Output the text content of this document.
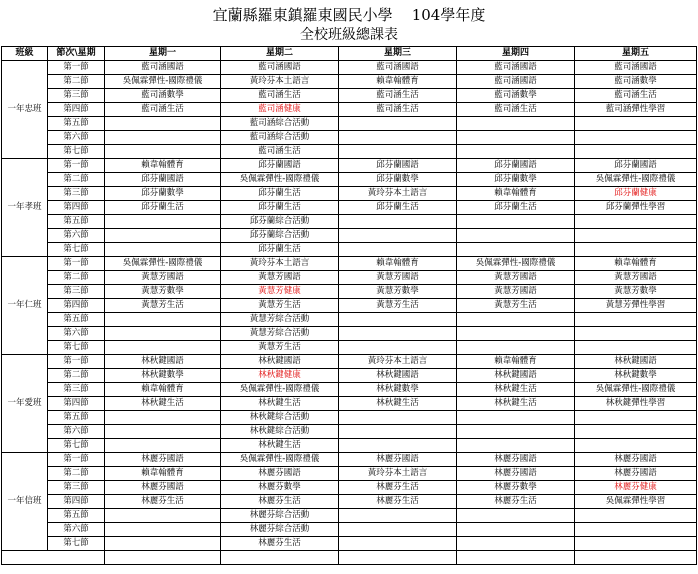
宜蘭縣羅東鎮羅東國民小學    104學年度
全校班級總課表
班級	節次\星期	星期一	星期二	星期三	星期四	星期五
一年忠班	第一節	藍司涵國語	藍司涵國語	藍司涵國語	藍司涵國語	藍司涵國語
	第二節	吳佩霖彈性-國際禮儀	黃玲芬本土語言	賴韋翰體育	藍司涵國語	藍司涵數學
	第三節	藍司涵數學	藍司涵生活	藍司涵生活	藍司涵數學	藍司涵生活
	第四節	藍司涵生活	藍司涵健康	藍司涵生活	藍司涵生活	藍司涵彈性學習
	第五節		藍司涵綜合活動			
	第六節		藍司涵綜合活動			
	第七節		藍司涵生活			
一年孝班	第一節	賴韋翰體育	邱芬蘭國語	邱芬蘭國語	邱芬蘭國語	邱芬蘭國語
	第二節	邱芬蘭國語	吳佩霖彈性-國際禮儀	邱芬蘭數學	邱芬蘭數學	吳佩霖彈性-國際禮儀
	第三節	邱芬蘭數學	邱芬蘭生活	黃玲芬本土語言	賴韋翰體育	邱芬蘭健康
	第四節	邱芬蘭生活	邱芬蘭生活	邱芬蘭生活	邱芬蘭生活	邱芬蘭彈性學習
	第五節		邱芬蘭綜合活動			
	第六節		邱芬蘭綜合活動			
	第七節		邱芬蘭生活			
一年仁班	第一節	吳佩霖彈性-國際禮儀	黃玲芬本土語言	賴韋翰體育	吳佩霖彈性-國際禮儀	賴韋翰體育
	第二節	黃慧芳國語	黃慧芳國語	黃慧芳國語	黃慧芳國語	黃慧芳國語
	第三節	黃慧芳數學	黃慧芳健康	黃慧芳數學	黃慧芳國語	黃慧芳數學
	第四節	黃慧芳生活	黃慧芳生活	黃慧芳生活	黃慧芳生活	黃慧芳彈性學習
	第五節		黃慧芳綜合活動			
	第六節		黃慧芳綜合活動			
	第七節		黃慧芳生活			
一年愛班	第一節	林秋鍵國語	林秋鍵國語	黃玲芬本土語言	賴韋翰體育	林秋鍵國語
	第二節	林秋鍵數學	林秋鍵健康	林秋鍵國語	林秋鍵國語	林秋鍵數學
	第三節	賴韋翰體育	吳佩霖彈性-國際禮儀	林秋鍵數學	林秋鍵生活	吳佩霖彈性-國際禮儀
	第四節	林秋鍵生活	林秋鍵生活	林秋鍵生活	林秋鍵生活	林秋鍵彈性學習
	第五節		林秋鍵綜合活動			
	第六節		林秋鍵綜合活動			
	第七節		林秋鍵生活			
一年信班	第一節	林麗芬國語	吳佩霖彈性-國際禮儀	林麗芬國語	林麗芬國語	林麗芬國語
	第二節	賴韋翰體育	林麗芬國語	黃玲芬本土語言	林麗芬國語	林麗芬國語
	第三節	林麗芬國語	林麗芬數學	林麗芬生活	林麗芬數學	林麗芬健康
	第四節	林麗芬生活	林麗芬生活	林麗芬生活	林麗芬生活	吳佩霖彈性學習
	第五節		林麗芬綜合活動			
	第六節		林麗芬綜合活動			
	第七節		林麗芬生活			
